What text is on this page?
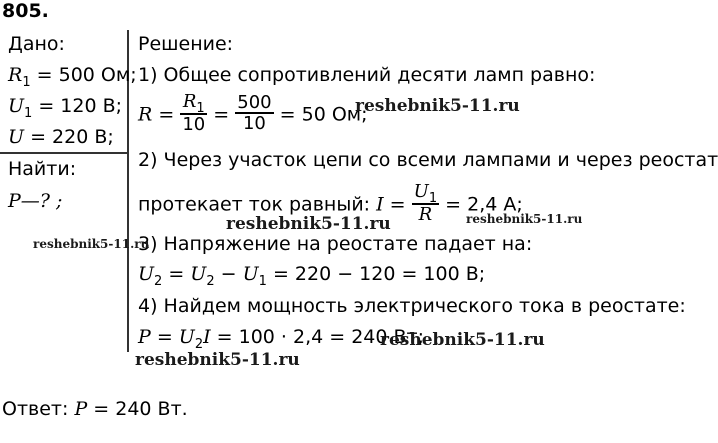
805.
Дано:
$R_1 = 500$ Ом;
$U_1 = 120$ В;
U = 220 В;
Найти:
P—? ;
Решение:
1) Общее сопротивлений десяти ламп равно:
$R = \frac{R_1}{10} = \frac{500}{10} = 50$ Ом;
2) Через участок цепи со всеми лампами и через реостат
протекает ток равный: $I = \frac{U_1}{R} = 2,4$ А;
3) Напряжение на реостате падает на:
$U_2 = U_2 - U_1 = 220 - 120 = 100$ В;
4) Найдем мощность электрического тока в реостате:
$P = U_2I = 100 \cdot 2,4 = 240$ Вт;
Ответ: P = 240 Вт.
reshebnik5-11.ru
reshebnik5-11.ru	reshebnik5-11.ru
reshebnik5-11.ru
reshebnik5-11.ru
reshebnik5-11.ru
